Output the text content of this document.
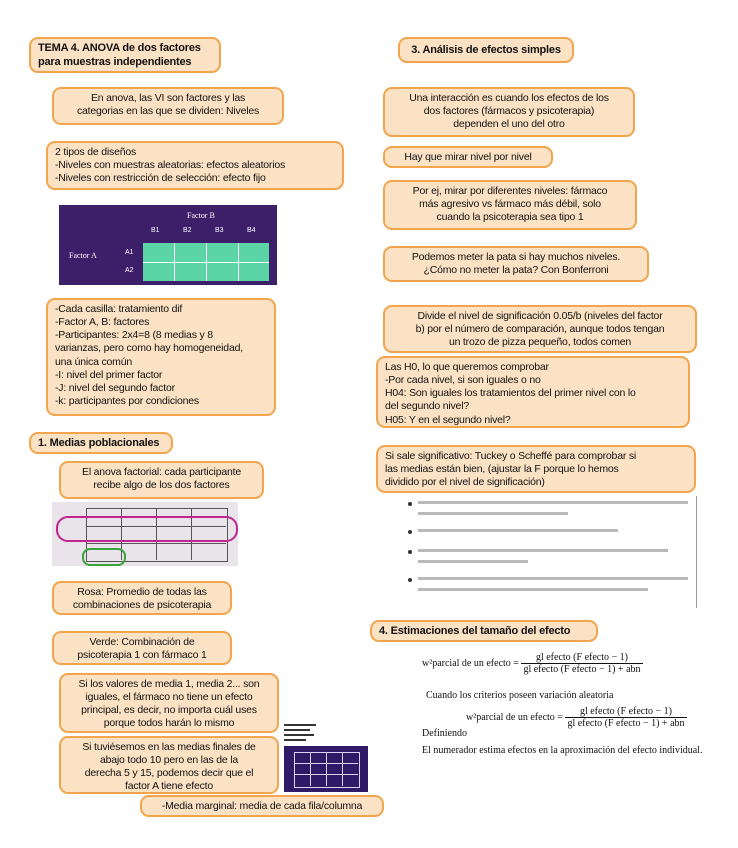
TEMA 4. ANOVA de dos factores
para muestras independientes
En anova, las VI son factores y las
categorias en las que se dividen: Niveles
2 tipos de diseños
-Niveles con muestras aleatorias: efectos aleatorios
-Niveles con restricción de selección: efecto fijo
Factor B
B1	B2	B3	B4
Factor A	A1
A2
-Cada casilla: tratamiento dif
-Factor A, B: factores
-Participantes: 2x4=8 (8 medias y 8
varianzas, pero como hay homogeneidad,
una única común
-I: nivel del primer factor
-J: nivel del segundo factor
-k: participantes por condiciones
1. Medias poblacionales
El anova factorial: cada participante
recibe algo de los dos factores
Rosa: Promedio de todas las
combinaciones de psicoterapia
Verde: Combinación de
psicoterapia 1 con fármaco 1
Si los valores de media 1, media 2... son
iguales, el fármaco no tiene un efecto
principal, es decir, no importa cuál uses
porque todos harán lo mismo
Si tuviésemos en las medias finales de
abajo todo 10 pero en las de la
derecha 5 y 15, podemos decir que el
factor A tiene efecto
-Media marginal: media de cada fila/columna
3. Análisis de efectos simples
Una interacción es cuando los efectos de los
dos factores (fármacos y psicoterapia)
dependen el uno del otro
Hay que mirar nivel por nivel
Por ej, mirar por diferentes niveles: fármaco
más agresivo vs fármaco más débil, solo
cuando la psicoterapia sea tipo 1
Podemos meter la pata si hay muchos niveles.
¿Cómo no meter la pata? Con Bonferroni
Divide el nivel de significación 0.05/b (niveles del factor
b) por el número de comparación, aunque todos tengan
un trozo de pizza pequeño, todos comen
Las H0, lo que queremos comprobar
-Por cada nivel, si son iguales o no
H04: Son iguales los tratamientos del primer nivel con lo
del segundo nivel?
H05: Y en el segundo nivel?
Si sale significativo: Tuckey o Scheffé para comprobar si
las medias están bien, (ajustar la F porque lo hemos
dividido por el nivel de significación)
4. Estimaciones del tamaño del efecto
w²parcial de un efecto = $\frac{\text{gl efecto (F efecto − 1)}}{\text{gl efecto (F efecto − 1) + abn}}$
Cuando los criterios poseen variación aleatoria
Definiendo
w²parcial de un efecto = $\frac{\text{gl efecto (F efecto − 1)}}{\text{gl efecto (F efecto − 1) + abn}}$
El numerador estima efectos en la aproximación del efecto individual.
